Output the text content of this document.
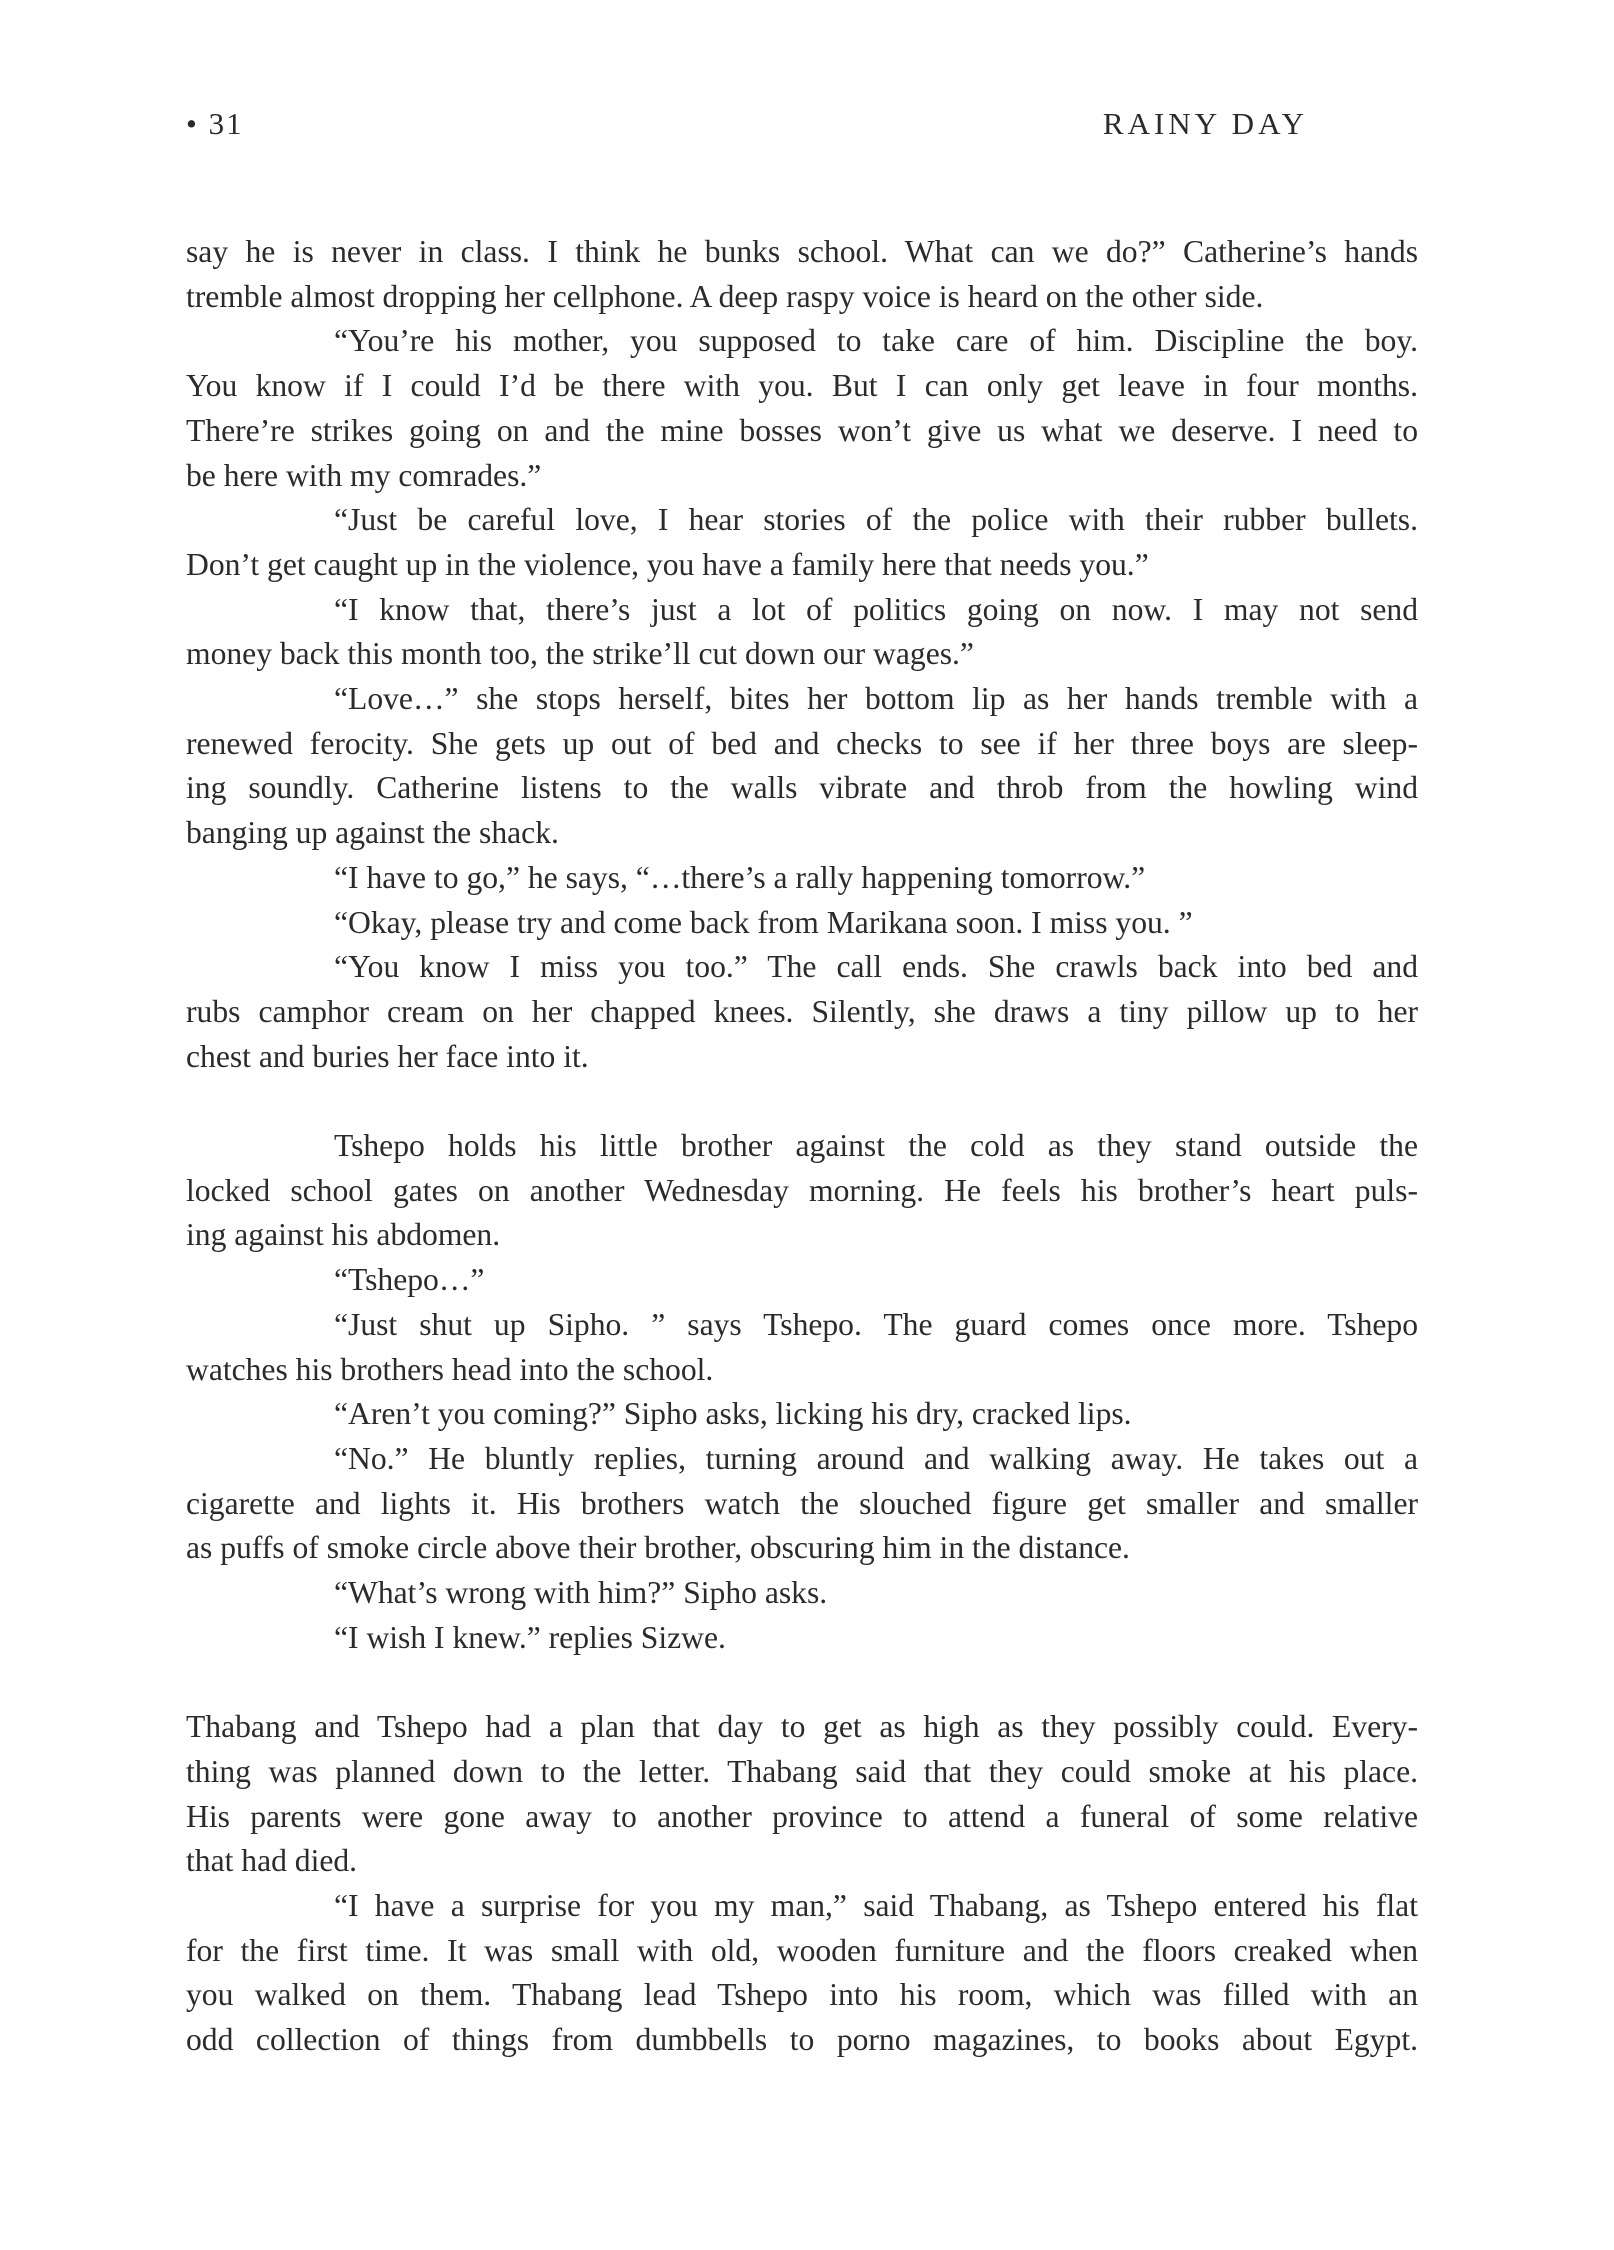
• 31	RAINY DAY
say he is never in class. I think he bunks school. What can we do?” Catherine’s hands
tremble almost dropping her cellphone. A deep raspy voice is heard on the other side.
“You’re his mother, you supposed to take care of him. Discipline the boy.
You know if I could I’d be there with you. But I can only get leave in four months.
There’re strikes going on and the mine bosses won’t give us what we deserve. I need to
be here with my comrades.”
“Just be careful love, I hear stories of the police with their rubber bullets.
Don’t get caught up in the violence, you have a family here that needs you.”
“I know that, there’s just a lot of politics going on now. I may not send
money back this month too, the strike’ll cut down our wages.”
“Love…” she stops herself, bites her bottom lip as her hands tremble with a
renewed ferocity. She gets up out of bed and checks to see if her three boys are sleep-
ing soundly. Catherine listens to the walls vibrate and throb from the howling wind
banging up against the shack.
“I have to go,” he says, “…there’s a rally happening tomorrow.”
“Okay, please try and come back from Marikana soon. I miss you. ”
“You know I miss you too.” The call ends. She crawls back into bed and
rubs camphor cream on her chapped knees. Silently, she draws a tiny pillow up to her
chest and buries her face into it.
Tshepo holds his little brother against the cold as they stand outside the
locked school gates on another Wednesday morning. He feels his brother’s heart puls-
ing against his abdomen.
“Tshepo…”
“Just shut up Sipho. ” says Tshepo. The guard comes once more. Tshepo
watches his brothers head into the school.
“Aren’t you coming?” Sipho asks, licking his dry, cracked lips.
“No.” He bluntly replies, turning around and walking away. He takes out a
cigarette and lights it. His brothers watch the slouched figure get smaller and smaller
as puffs of smoke circle above their brother, obscuring him in the distance.
“What’s wrong with him?” Sipho asks.
“I wish I knew.” replies Sizwe.
Thabang and Tshepo had a plan that day to get as high as they possibly could. Every-
thing was planned down to the letter. Thabang said that they could smoke at his place.
His parents were gone away to another province to attend a funeral of some relative
that had died.
“I have a surprise for you my man,” said Thabang, as Tshepo entered his flat
for the first time. It was small with old, wooden furniture and the floors creaked when
you walked on them. Thabang lead Tshepo into his room, which was filled with an
odd collection of things from dumbbells to porno magazines, to books about Egypt.
